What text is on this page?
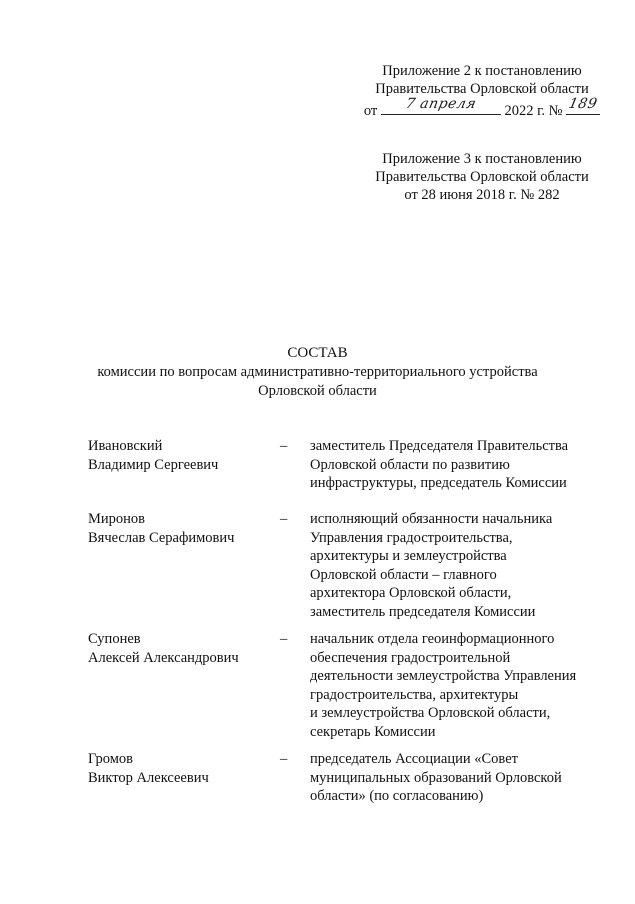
Приложение 2 к постановлению
Правительства Орловской области
от	7 апреля	2022 г. № 189
Приложение 3 к постановлению
Правительства Орловской области
от 28 июня 2018 г. № 282
СОСТАВ
комиссии по вопросам административно-территориального устройства
Орловской области
Ивановский
Владимир Сергеевич
–	заместитель Председателя Правительства
Орловской области по развитию
инфраструктуры, председатель Комиссии
Миронов
Вячеслав Серафимович
–	исполняющий обязанности начальника
Управления градостроительства,
архитектуры и землеустройства
Орловской области – главного
архитектора Орловской области,
заместитель председателя Комиссии
Супонев
Алексей Александрович
–	начальник отдела геоинформационного
обеспечения градостроительной
деятельности землеустройства Управления
градостроительства, архитектуры
и землеустройства Орловской области,
секретарь Комиссии
Громов
Виктор Алексеевич
–	председатель Ассоциации «Совет
муниципальных образований Орловской
области» (по согласованию)
